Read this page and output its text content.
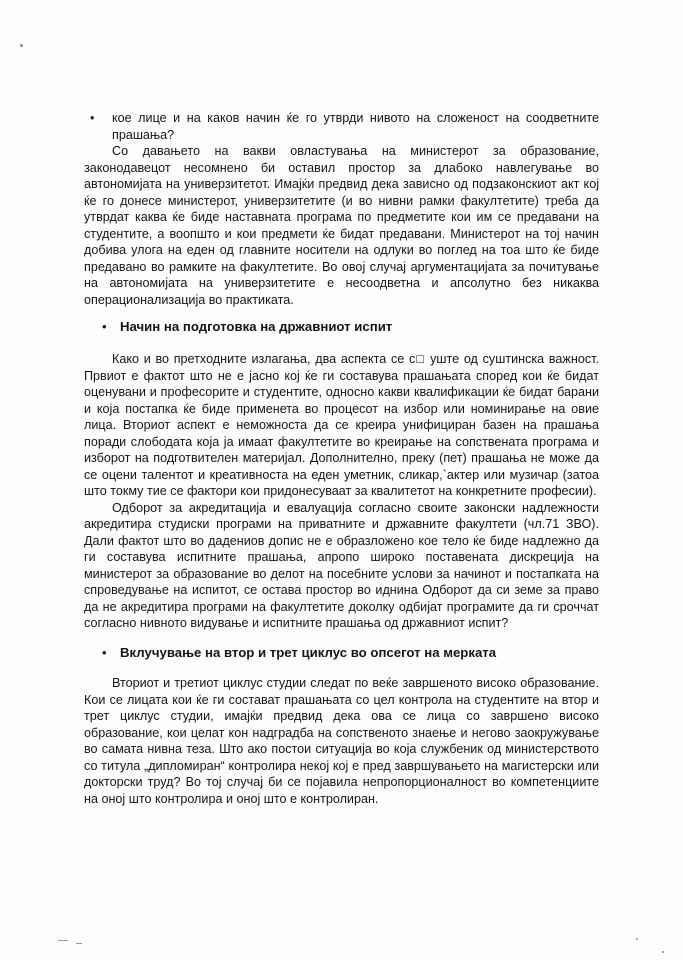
•	кое лице и на каков начин ќе го утврди нивото на сложеност на соодветните прашања?

Со давањето на вакви овластувања на министерот за образование, законодавецот несомнено би оставил простор за длабоко навлегување во автономијата на универзитетот. Имајќи предвид дека зависно од подзаконскиот акт кој ќе го донесе министерот, универзитетите (и во нивни рамки факултетите) треба да утврдат каква ќе биде наставната програма по предметите кои им се предавани на студентите, а воопшто и кои предмети ќе бидат предавани. Министерот на тој начин добива улога на еден од главните носители на одлуки во поглед на тоа што ќе биде предавано во рамките на факултетите. Во овој случај аргументацијата за почитување на автономијата на универзитетите е несоодветна и апсолутно без никаква операционализација во практиката.

•	Начин на подготовка на државниот испит

Како и во претходните излагања, два аспекта се с□ уште од суштинска важност. Првиот е фактот што не е јасно кој ќе ги составува прашањата според кои ќе бидат оценувани и професорите и студентите, односно какви квалификации ќе бидат барани и која постапка ќе биде применета во процесот на избор или номинирање на овие лица. Вториот аспект е неможноста да се креира унифициран базен на прашања поради слободата која ја имаат факултетите во креирање на сопствената програма и изборот на подготвителен материјал. Дополнително, преку (пет) прашања не може да се оцени талентот и креативноста на еден уметник, сликар,`актер или музичар (затоа што токму тие се фактори кои придонесуваат за квалитетот на конкретните професии).

Одборот за акредитација и евалуација согласно своите законски надлежности акредитира студиски програми на приватните и државните факултети (чл.71 ЗВО). Дали фактот што во дадениов допис не е образложено кое тело ќе биде надлежно да ги составува испитните прашања, апропо широко поставената дискреција на министерот за образование во делот на посебните услови за начинот и постапката на спроведување на испитот, се остава простор во иднина Одборот да си земе за право да не акредитира програми на факултетите доколку одбијат програмите да ги сроччат согласно нивното видување и испитните прашања од државниот испит?

•	Вклучување на втор и трет циклус во опсегот на мерката

Вториот и третиот циклус студии следат по веќе завршеното високо образование. Кои се лицата кои ќе ги состават прашањата со цел контрола на студентите на втор и трет циклус студии, имајќи предвид дека ова се лица со завршено високо образование, кои целат кон надградба на сопственото знаење и негово заокружување во самата нивна теза. Што ако постои ситуација во која службеник од министерството со титула „дипломиран“ контролира некој кој е пред завршувањето на магистерски или докторски труд? Во тој случај би се појавила непропорционалност во компетенциите на оној што контролира и оној што е контролиран.
